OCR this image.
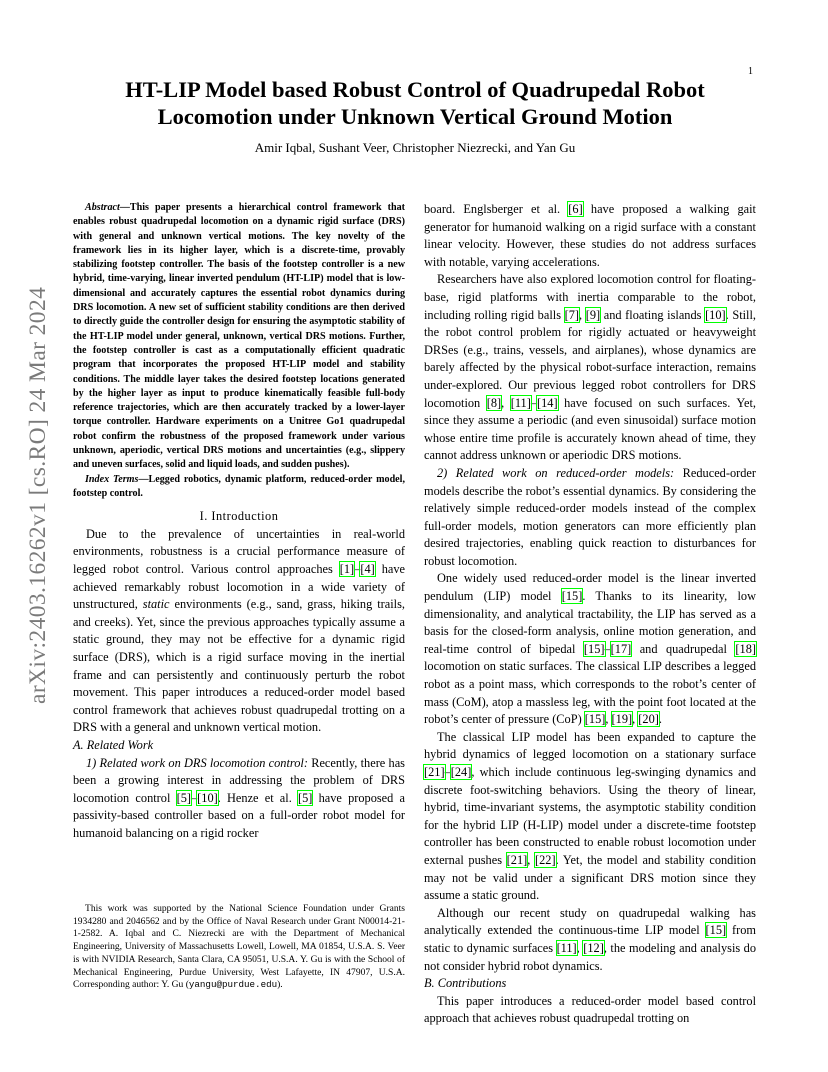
1
arXiv:2403.16262v1 [cs.RO] 24 Mar 2024
HT-LIP Model based Robust Control of Quadrupedal Robot
Locomotion under Unknown Vertical Ground Motion
Amir Iqbal, Sushant Veer, Christopher Niezrecki, and Yan Gu

Abstract—This paper presents a hierarchical control framework that enables robust quadrupedal locomotion on a dynamic rigid surface (DRS) with general and unknown vertical motions. The key novelty of the framework lies in its higher layer, which is a discrete-time, provably stabilizing footstep controller. The basis of the footstep controller is a new hybrid, time-varying, linear inverted pendulum (HT-LIP) model that is low-dimensional and accurately captures the essential robot dynamics during DRS locomotion. A new set of sufficient stability conditions are then derived to directly guide the controller design for ensuring the asymptotic stability of the HT-LIP model under general, unknown, vertical DRS motions. Further, the footstep controller is cast as a computationally efficient quadratic program that incorporates the proposed HT-LIP model and stability conditions. The middle layer takes the desired footstep locations generated by the higher layer as input to produce kinematically feasible full-body reference trajectories, which are then accurately tracked by a lower-layer torque controller. Hardware experiments on a Unitree Go1 quadrupedal robot confirm the robustness of the proposed framework under various unknown, aperiodic, vertical DRS motions and uncertainties (e.g., slippery and uneven surfaces, solid and liquid loads, and sudden pushes).

Index Terms—Legged robotics, dynamic platform, reduced-order model, footstep control.

I. Introduction

Due to the prevalence of uncertainties in real-world environments, robustness is a crucial performance measure of legged robot control. Various control approaches [1]–[4] have achieved remarkably robust locomotion in a wide variety of unstructured, static environments (e.g., sand, grass, hiking trails, and creeks). Yet, since the previous approaches typically assume a static ground, they may not be effective for a dynamic rigid surface (DRS), which is a rigid surface moving in the inertial frame and can persistently and continuously perturb the robot movement. This paper introduces a reduced-order model based control framework that achieves robust quadrupedal trotting on a DRS with a general and unknown vertical motion.

A. Related Work

1) Related work on DRS locomotion control: Recently, there has been a growing interest in addressing the problem of DRS locomotion control [5]–[10]. Henze et al. [5] have proposed a passivity-based controller based on a full-order robot model for humanoid balancing on a rigid rocker

This work was supported by the National Science Foundation under Grants 1934280 and 2046562 and by the Office of Naval Research under Grant N00014-21-1-2582. A. Iqbal and C. Niezrecki are with the Department of Mechanical Engineering, University of Massachusetts Lowell, Lowell, MA 01854, U.S.A. S. Veer is with NVIDIA Research, Santa Clara, CA 95051, U.S.A. Y. Gu is with the School of Mechanical Engineering, Purdue University, West Lafayette, IN 47907, U.S.A. Corresponding author: Y. Gu (yangu@purdue.edu).

board. Englsberger et al. [6] have proposed a walking gait generator for humanoid walking on a rigid surface with a constant linear velocity. However, these studies do not address surfaces with notable, varying accelerations.

Researchers have also explored locomotion control for floating-base, rigid platforms with inertia comparable to the robot, including rolling rigid balls [7], [9] and floating islands [10]. Still, the robot control problem for rigidly actuated or heavyweight DRSes (e.g., trains, vessels, and airplanes), whose dynamics are barely affected by the physical robot-surface interaction, remains under-explored. Our previous legged robot controllers for DRS locomotion [8], [11]–[14] have focused on such surfaces. Yet, since they assume a periodic (and even sinusoidal) surface motion whose entire time profile is accurately known ahead of time, they cannot address unknown or aperiodic DRS motions.

2) Related work on reduced-order models: Reduced-order models describe the robot’s essential dynamics. By considering the relatively simple reduced-order models instead of the complex full-order models, motion generators can more efficiently plan desired trajectories, enabling quick reaction to disturbances for robust locomotion.

One widely used reduced-order model is the linear inverted pendulum (LIP) model [15]. Thanks to its linearity, low dimensionality, and analytical tractability, the LIP has served as a basis for the closed-form analysis, online motion generation, and real-time control of bipedal [15]–[17] and quadrupedal [18] locomotion on static surfaces. The classical LIP describes a legged robot as a point mass, which corresponds to the robot’s center of mass (CoM), atop a massless leg, with the point foot located at the robot’s center of pressure (CoP) [15], [19], [20].

The classical LIP model has been expanded to capture the hybrid dynamics of legged locomotion on a stationary surface [21]–[24], which include continuous leg-swinging dynamics and discrete foot-switching behaviors. Using the theory of linear, hybrid, time-invariant systems, the asymptotic stability condition for the hybrid LIP (H-LIP) model under a discrete-time footstep controller has been constructed to enable robust locomotion under external pushes [21], [22]. Yet, the model and stability condition may not be valid under a significant DRS motion since they assume a static ground.

Although our recent study on quadrupedal walking has analytically extended the continuous-time LIP model [15] from static to dynamic surfaces [11], [12], the modeling and analysis do not consider hybrid robot dynamics.

B. Contributions

This paper introduces a reduced-order model based control approach that achieves robust quadrupedal trotting on
